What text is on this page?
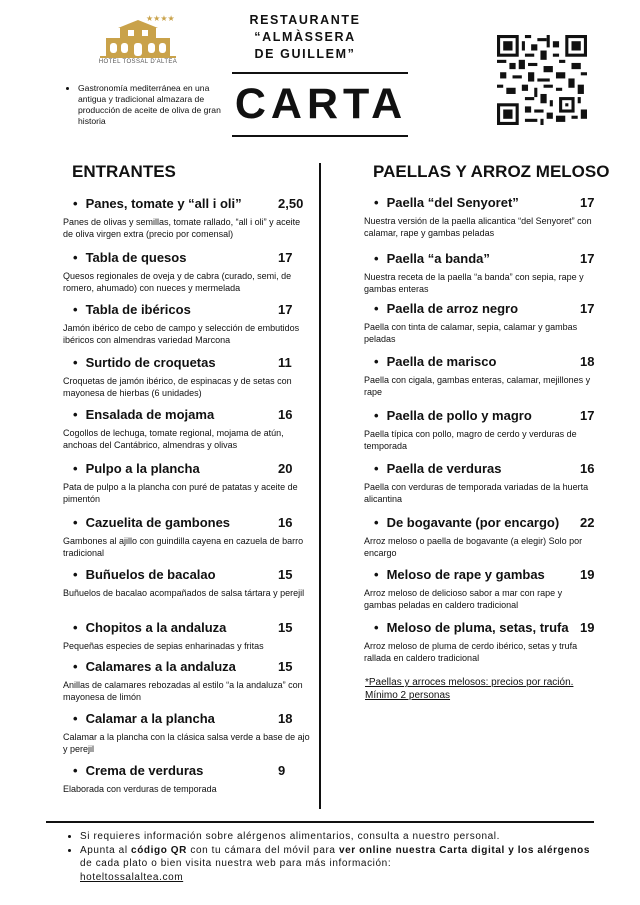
★★★★
HOTEL TOSSAL D'ALTEA
• Gastronomía mediterránea en una antigua y tradicional almazara de producción de aceite de oliva de gran historia
RESTAURANTE
“ALMÀSSERA
DE GUILLEM”
CARTA
ENTRANTES	PAELLAS Y ARROZ MELOSO
• Panes, tomate y “all i oli”	2,50
Panes de olivas y semillas, tomate rallado, “all i oli” y aceite de oliva virgen extra (precio por comensal)
• Tabla de quesos	17
Quesos regionales de oveja y de cabra (curado, semi, de romero, ahumado) con nueces y mermelada
• Tabla de ibéricos	17
Jamón ibérico de cebo de campo y selección de embutidos ibéricos con almendras variedad Marcona
• Surtido de croquetas	11
Croquetas de jamón ibérico, de espinacas y de setas con mayonesa de hierbas (6 unidades)
• Ensalada de mojama	16
Cogollos de lechuga, tomate regional, mojama de atún, anchoas del Cantábrico, almendras y olivas
• Pulpo a la plancha	20
Pata de pulpo a la plancha con puré de patatas y aceite de pimentón
• Cazuelita de gambones	16
Gambones al ajillo con guindilla cayena en cazuela de barro tradicional
• Buñuelos de bacalao	15
Buñuelos de bacalao acompañados de salsa tártara y perejil
• Chopitos a la andaluza	15
Pequeñas especies de sepias enharinadas y fritas
• Calamares a la andaluza	15
Anillas de calamares rebozadas al estilo “a la andaluza” con mayonesa de limón
• Calamar a la plancha	18
Calamar a la plancha con la clásica salsa verde a base de ajo y perejil
• Crema de verduras	9
Elaborada con verduras de temporada
• Paella “del Senyoret”	17
Nuestra versión de la paella alicantica “del Senyoret” con calamar, rape y gambas peladas
• Paella “a banda”	17
Nuestra receta de la paella “a banda” con sepia, rape y gambas enteras
• Paella de arroz negro	17
Paella con tinta de calamar, sepia, calamar y gambas peladas
• Paella de marisco	18
Paella con cigala, gambas enteras, calamar, mejillones y rape
• Paella de pollo y magro	17
Paella típica con pollo, magro de cerdo y verduras de temporada
• Paella de verduras	16
Paella con verduras de temporada variadas de la huerta alicantina
• De bogavante (por encargo)	22
Arroz meloso o paella de bogavante (a elegir) Solo por encargo
• Meloso de rape y gambas	19
Arroz meloso de delicioso sabor a mar con rape y gambas peladas en caldero tradicional
• Meloso de pluma, setas, trufa 19
Arroz meloso de pluma de cerdo ibérico, setas y trufa rallada en caldero tradicional
*Paellas y arroces melosos: precios por ración. Mínimo 2 personas
• Si requieres información sobre alérgenos alimentarios, consulta a nuestro personal.
• Apunta al código QR con tu cámara del móvil para ver online nuestra Carta digital y los alérgenos de cada plato o bien visita nuestra web para más información:
hoteltossalaltea.com
